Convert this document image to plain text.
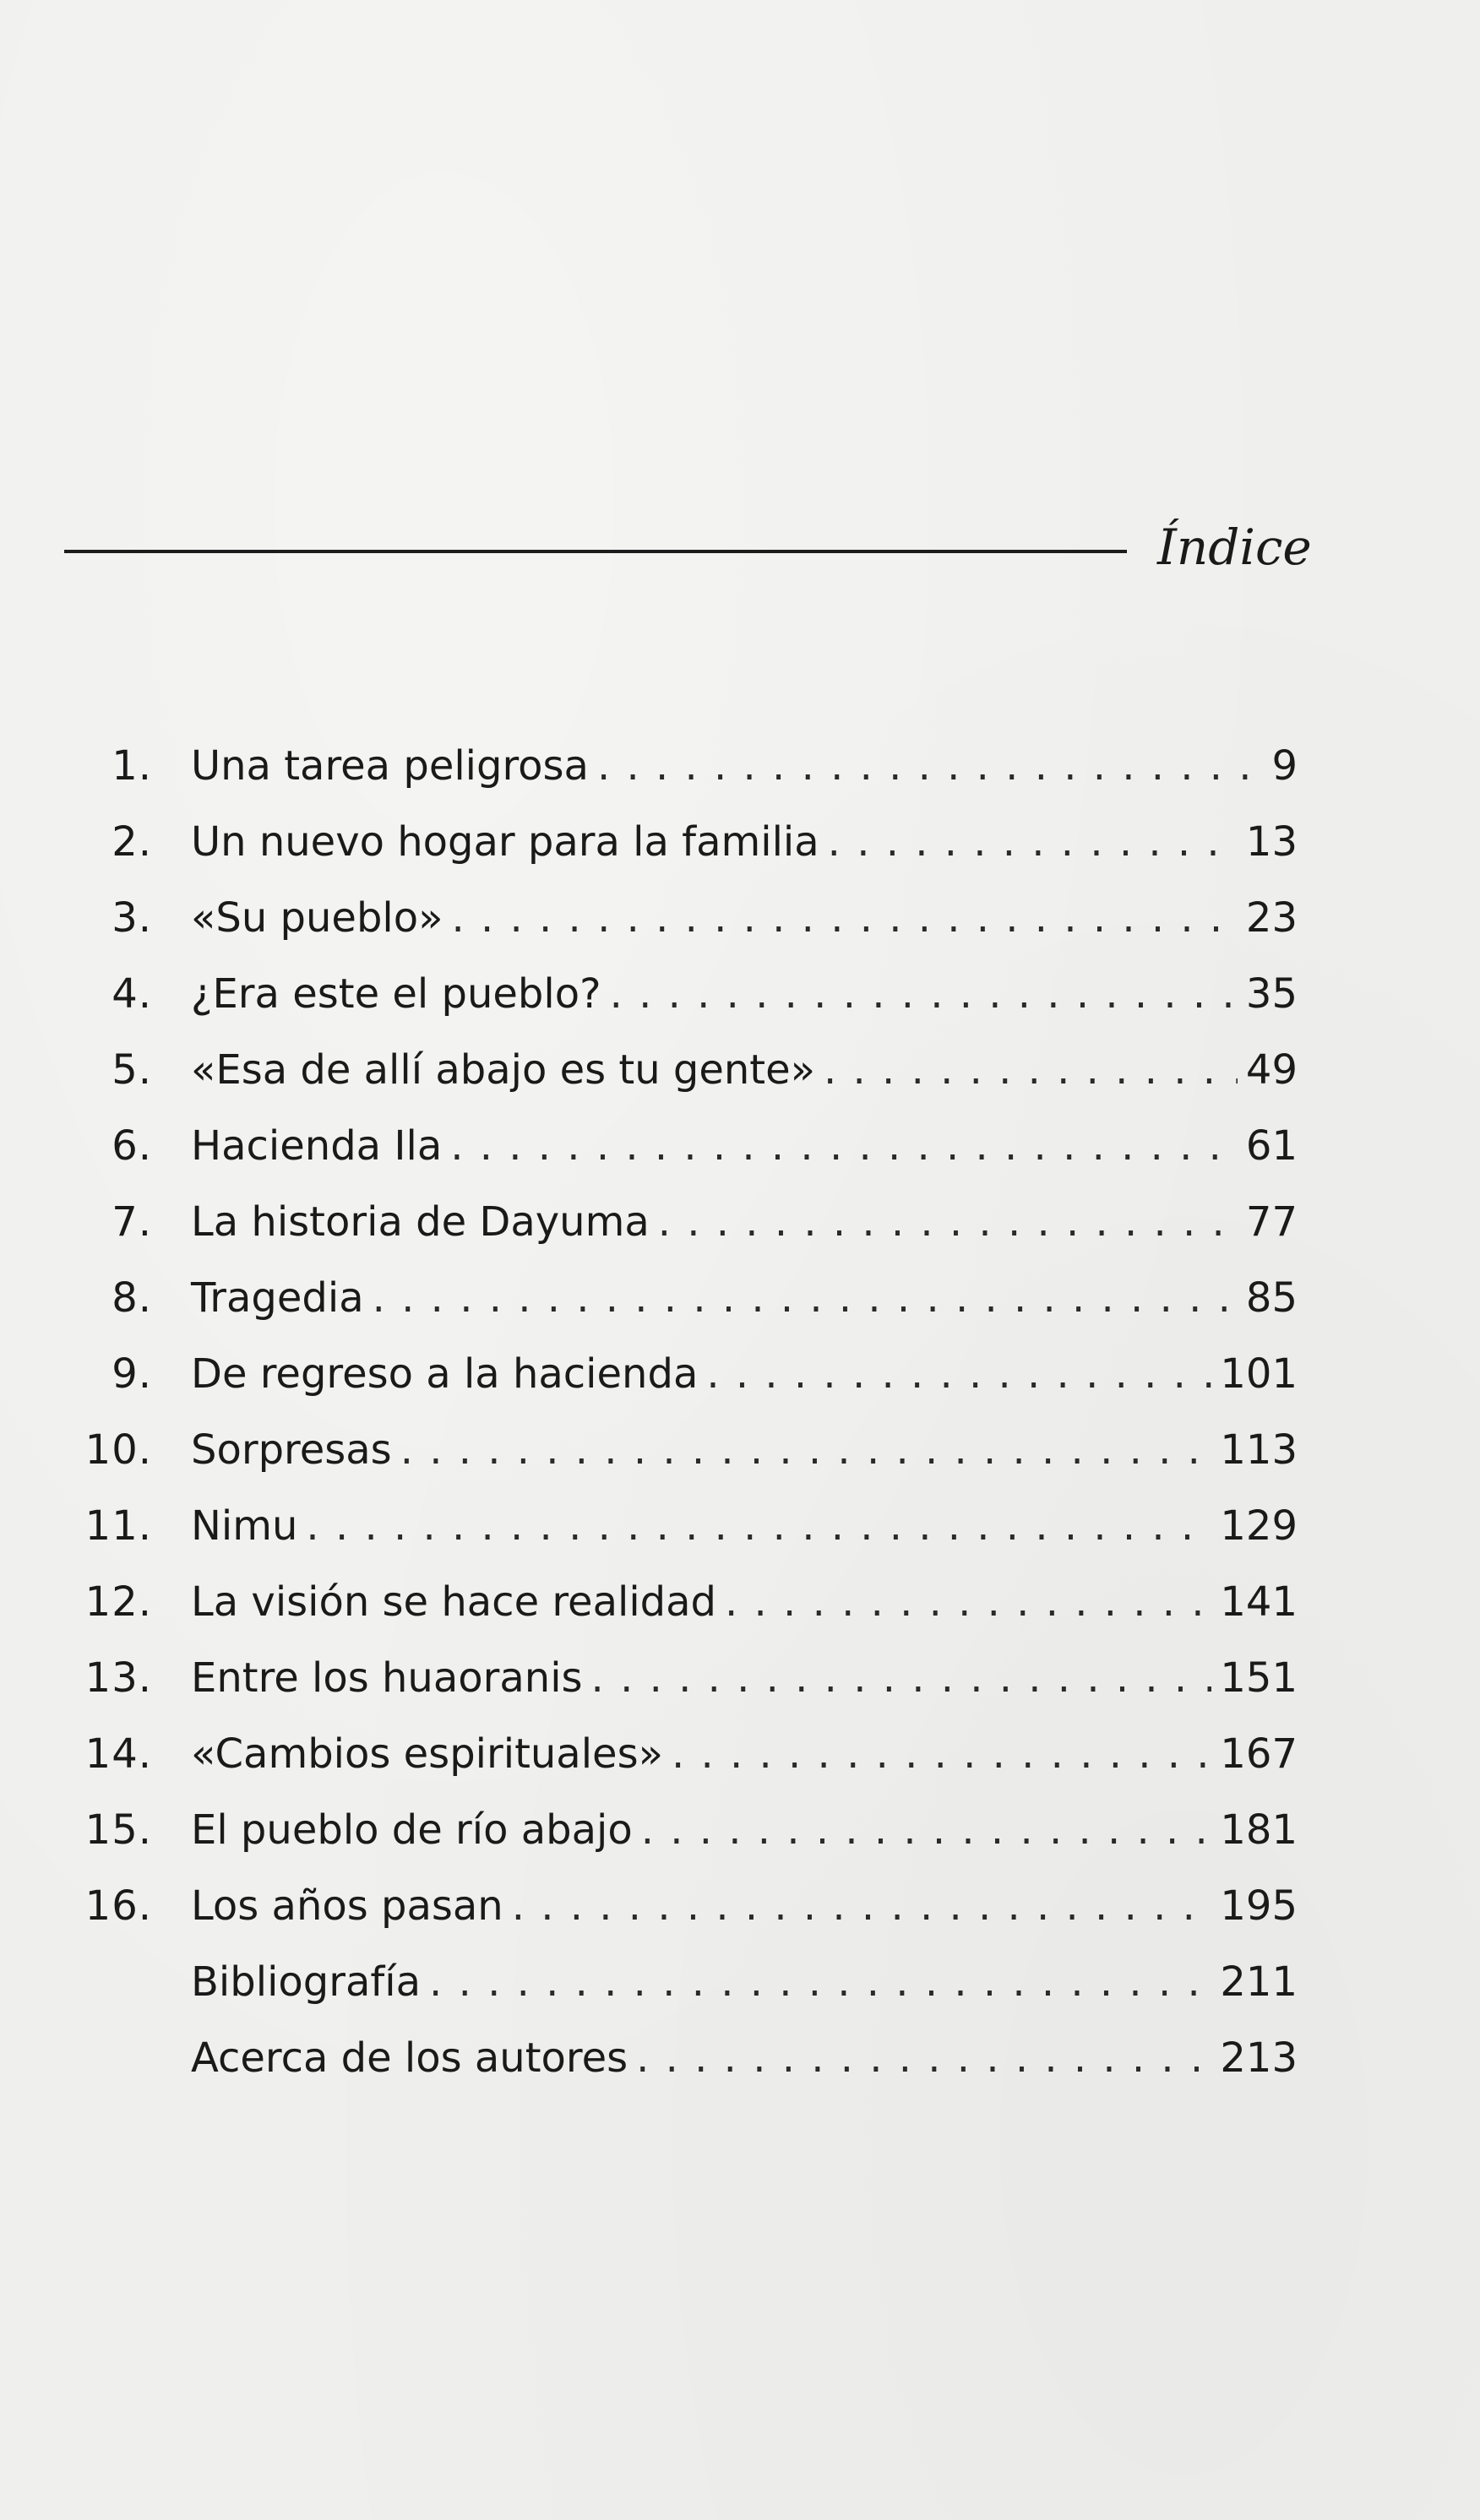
Índice
1. Una tarea peligrosa . . .	9
2. Un nuevo hogar para la familia . . .	13
3. «Su pueblo» . . .	23
4. ¿Era este el pueblo? . . .	35
5. «Esa de allí abajo es tu gente» . . .	49
6. Hacienda Ila . . .	61
7. La historia de Dayuma . . .	77
8. Tragedia . . .	85
9. De regreso a la hacienda . . .	101
10. Sorpresas . . .	113
11. Nimu . . .	129
12. La visión se hace realidad . . .	141
13. Entre los huaoranis . . .	151
14. «Cambios espirituales» . . .	167
15. El pueblo de río abajo . . .	181
16. Los años pasan . . .	195
Bibliografía . . .	211
Acerca de los autores . . .	213
